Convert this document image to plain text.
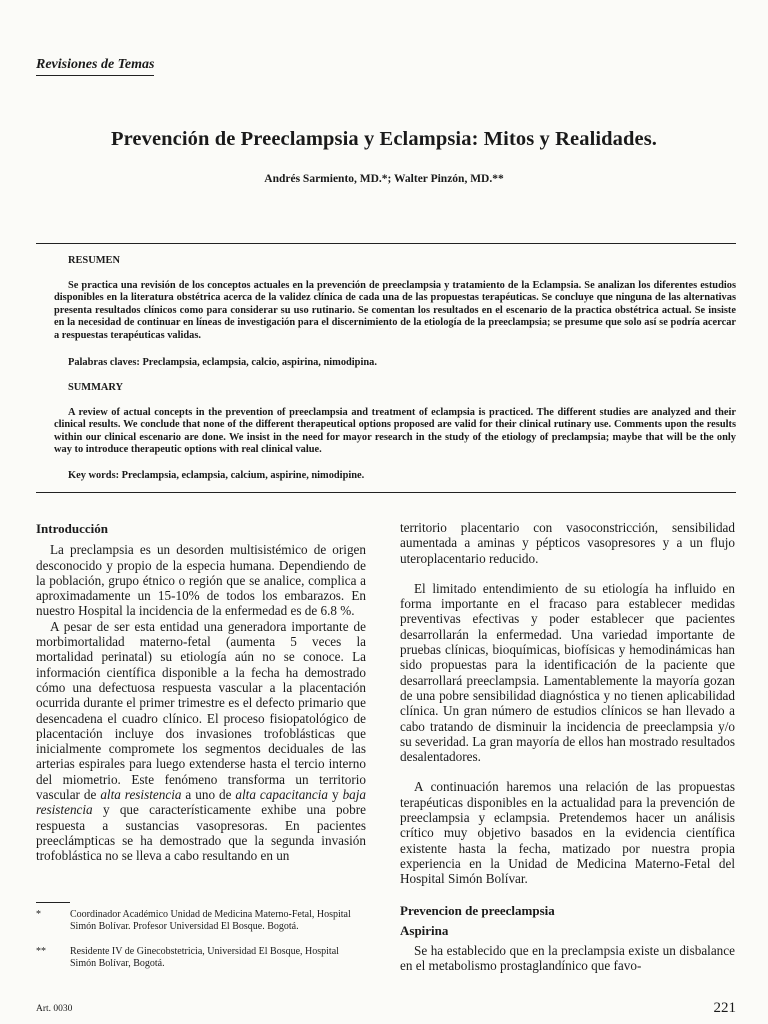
Revisiones de Temas
Prevención de Preeclampsia y Eclampsia: Mitos y Realidades.
Andrés Sarmiento, MD.*; Walter Pinzón, MD.**
RESUMEN
Se practica una revisión de los conceptos actuales en la prevención de preeclampsia y tratamiento de la Eclampsia. Se analizan los diferentes estudios disponibles en la literatura obstétrica acerca de la validez clínica de cada una de las propuestas terapéuticas. Se concluye que ninguna de las alternativas presenta resultados clínicos como para considerar su uso rutinario. Se comentan los resultados en el escenario de la practica obstétrica actual. Se insiste en la necesidad de continuar en líneas de investigación para el discernimiento de la etiología de la preeclampsia; se presume que solo así se podría acercar a respuestas terapéuticas validas.
Palabras claves: Preclampsia, eclampsia, calcio, aspirina, nimodipina.
SUMMARY
A review of actual concepts in the prevention of preeclampsia and treatment of eclampsia is practiced. The different studies are analyzed and their clinical results. We conclude that none of the different therapeutical options proposed are valid for their clinical rutinary use. Comments upon the results within our clinical escenario are done. We insist in the need for mayor research in the study of the etiology of preclampsia; maybe that will be the only way to introduce therapeutic options with real clinical value.
Key words: Preclampsia, eclampsia, calcium, aspirine, nimodipine.

Introducción

La preclampsia es un desorden multisistémico de origen desconocido y propio de la especia humana. Dependiendo de la población, grupo étnico o región que se analice, complica a aproximadamente un 15-10% de todos los embarazos. En nuestro Hospital la incidencia de la enfermedad es de 6.8 %.

A pesar de ser esta entidad una generadora importante de morbimortalidad materno-fetal (aumenta 5 veces la mortalidad perinatal) su etiología aún no se conoce. La información científica disponible a la fecha ha demostrado cómo una defectuosa respuesta vascular a la placentación ocurrida durante el primer trimestre es el defecto primario que desencadena el cuadro clínico. El proceso fisiopatológico de placentación incluye dos invasiones trofoblásticas que inicialmente compromete los segmentos deciduales de las arterias espirales para luego extenderse hasta el tercio interno del miometrio. Este fenómeno transforma un territorio vascular de alta resistencia a uno de alta capacitancia y baja resistencia y que característicamente exhibe una pobre respuesta a sustancias vasopresoras. En pacientes preeclámpticas se ha demostrado que la segunda invasión trofoblástica no se lleva a cabo resultando en un

*	Coordinador Académico Unidad de Medicina Materno-Fetal, Hospital Simón Bolívar. Profesor Universidad El Bosque. Bogotá.
** Residente IV de Ginecobstetricia, Universidad El Bosque, Hospital Simón Bolívar, Bogotá.

territorio placentario con vasoconstricción, sensibilidad aumentada a aminas y pépticos vasopresores y a un flujo uteroplacentario reducido.

El limitado entendimiento de su etiología ha influido en forma importante en el fracaso para establecer medidas preventivas efectivas y poder establecer que pacientes desarrollarán la enfermedad. Una variedad importante de pruebas clínicas, bioquímicas, biofísicas y hemodinámicas han sido propuestas para la identificación de la paciente que desarrollará preeclampsia. Lamentablemente la mayoría gozan de una pobre sensibilidad diagnóstica y no tienen aplicabilidad clínica. Un gran número de estudios clínicos se han llevado a cabo tratando de disminuir la incidencia de preeclampsia y/o su severidad. La gran mayoría de ellos han mostrado resultados desalentadores.

A continuación haremos una relación de las propuestas terapéuticas disponibles en la actualidad para la prevención de preeclampsia y eclampsia. Pretendemos hacer un análisis crítico muy objetivo basados en la evidencia científica existente hasta la fecha, matizado por nuestra propia experiencia en la Unidad de Medicina Materno-Fetal del Hospital Simón Bolívar.

Prevencion de preeclampsia

Aspirina

Se ha establecido que en la preclampsia existe un disbalance en el metabolismo prostaglandínico que favo-

Art. 0030	221
